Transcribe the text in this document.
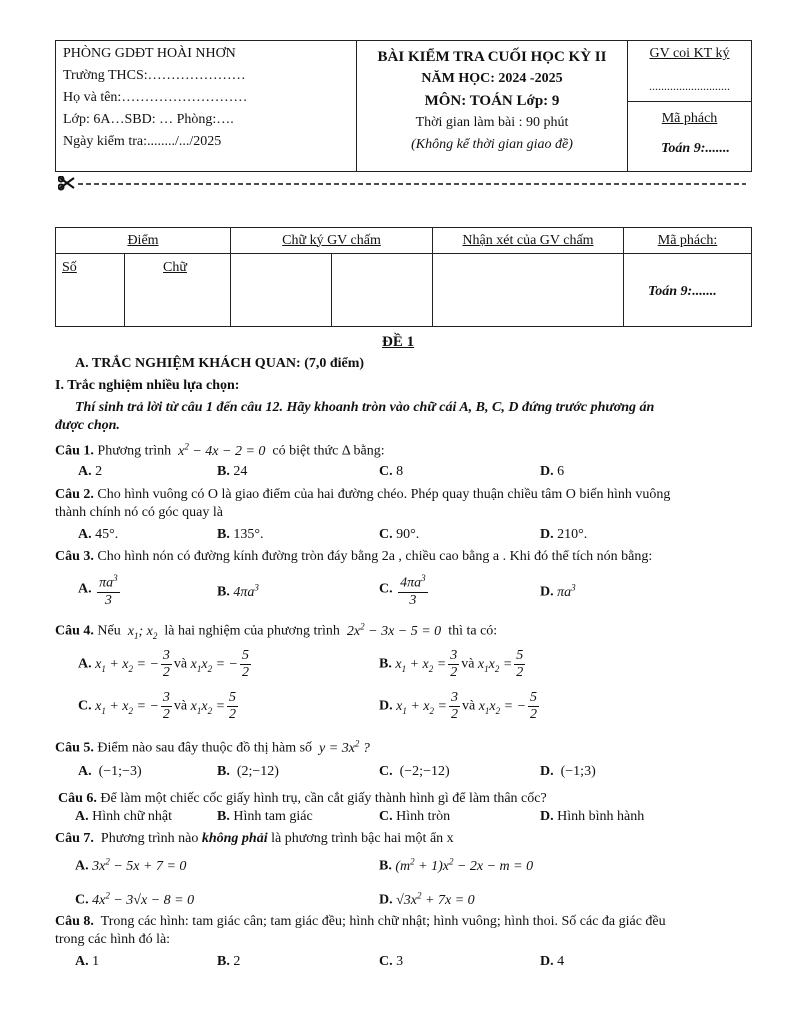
PHÒNG GDĐT HOÀI NHƠN
Trường THCS:…………………
Họ và tên:………………………
Lớp: 6A…SBD: … Phòng:….
Ngày kiểm tra:......../.../2025

BÀI KIỂM TRA CUỐI HỌC KỲ II
NĂM HỌC: 2024 -2025
MÔN: TOÁN Lớp: 9
Thời gian làm bài : 90 phút
(Không kể thời gian giao đề)

GV coi KT ký
...........................

Mã phách
Toán 9:.......
Điểm		Chữ ký GV chấm		Nhận xét của GV chấm	Mã phách:

Số	Chữ				Toán 9:.......
ĐỀ 1
A. TRẮC NGHIỆM KHÁCH QUAN: (7,0 điểm)
I. Trắc nghiệm nhiều lựa chọn:
Thí sinh trả lời từ câu 1 đến câu 12. Hãy khoanh tròn vào chữ cái A, B, C, D đứng trước phương án
được chọn.
Câu 1. Phương trình  $x^2 - 4x - 2 = 0$  có biệt thức Δ bằng:
A. 2	B. 24	C. 8	D. 6
Câu 2. Cho hình vuông có O là giao điểm của hai đường chéo. Phép quay thuận chiều tâm O biến hình vuông
thành chính nó có góc quay là
A. 45°.	B. 135°.	C. 90°.	D. 210°.
Câu 3. Cho hình nón có đường kính đường tròn đáy bằng 2a , chiều cao bằng a . Khi đó thể tích nón bằng:
A. $\frac{\pi a^3}{3}$	B. $4\pi a^3$	C. $\frac{4\pi a^3}{3}$	D. $\pi a^3$
Câu 4. Nếu  $x_1$; $x_2$ là hai nghiệm của phương trình  $2x^2 - 3x - 5 = 0$  thì ta có:
A. $x_1 + x_2$ = − $\frac{3}{2}$ và $x_1x_2$ = − $\frac{5}{2}$	B. $x_1 + x_2 = \frac{3}{2}$ và $x_1x_2 = \frac{5}{2}$
C. $x_1 + x_2$ = − $\frac{3}{2}$ và $x_1x_2 = \frac{5}{2}$	D. $x_1 + x_2 = \frac{3}{2}$ và $x_1x_2$ = − $\frac{5}{2}$
Câu 5. Điểm nào sau đây thuộc đồ thị hàm số  $y = 3x^2$ ?
A. (−1;−3)	B. (2;−12)	C. (−2;−12)	D. (−1;3)
Câu 6. Để làm một chiếc cốc giấy hình trụ, cần cắt giấy thành hình gì để làm thân cốc?
A. Hình chữ nhật	B. Hình tam giác	C. Hình tròn	D. Hình bình hành
Câu 7. Phương trình nào không phải là phương trình bậc hai một ẩn x
A. $3x^2 - 5x + 7 = 0$	B. $(m^2 + 1)x^2 - 2x - m = 0$
C. $4x^2 - 3√x - 8 = 0$	D. $√3x^2 + 7x = 0$
Câu 8. Trong các hình: tam giác cân; tam giác đều; hình chữ nhật; hình vuông; hình thoi. Số các đa giác đều
trong các hình đó là:
A. 1	B. 2	C. 3	D. 4
